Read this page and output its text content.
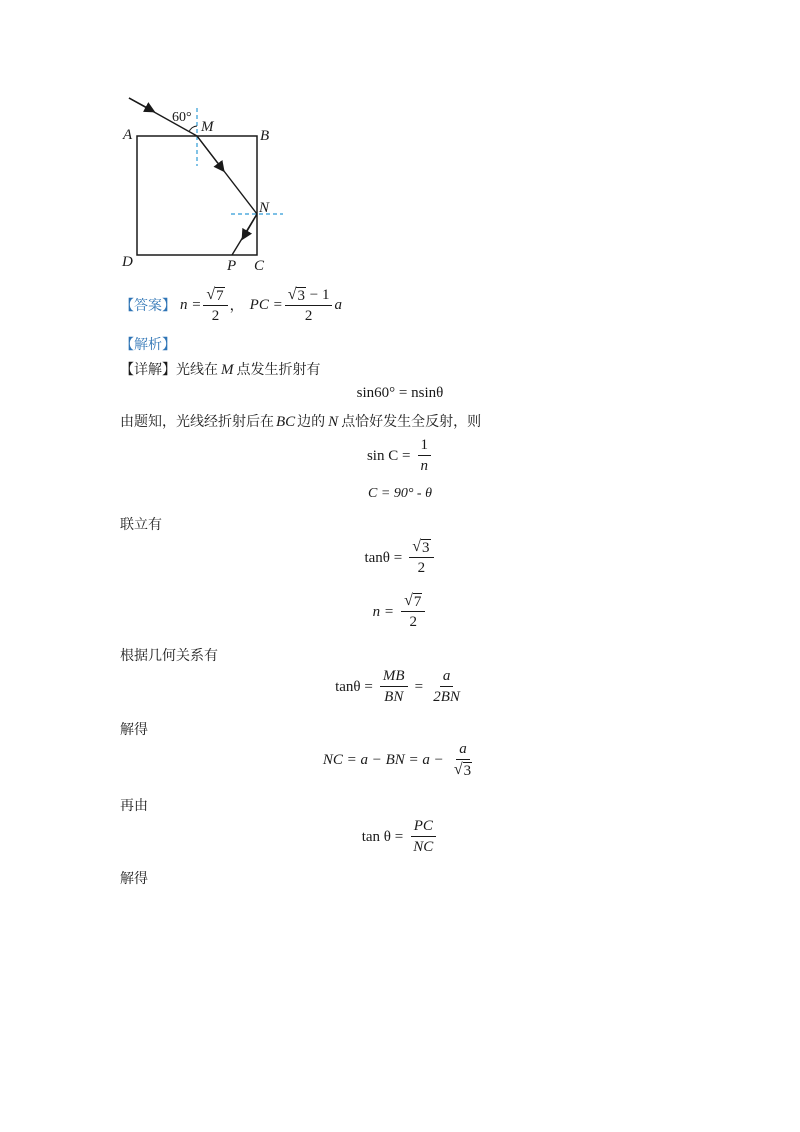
60°
A	B
M
N
D	P C
【答案】 $n = \frac{√ 7}{2}$ ， PC = $\frac{√ 3 - 1}{2}$ a
【解析】
【详解】光线在 M 点发生折射有
sin60° = nsinθ
由题知，光线经折射后在 BC 边的 N 点恰好发生全反射，则
$\sin C = \frac{1}{n}$
C = 90° - θ
联立有
$\tan\theta = \frac{√ 3}{2}$
$n = \frac{√ 7}{2}$
根据几何关系有
$\tan\theta = \frac{MB}{BN} = \frac{a}{2BN}$
解得
NC = a − BN = $a - \frac{a}{√ 3}$
再由
$\tan \theta = \frac{PC}{NC}$
解得
